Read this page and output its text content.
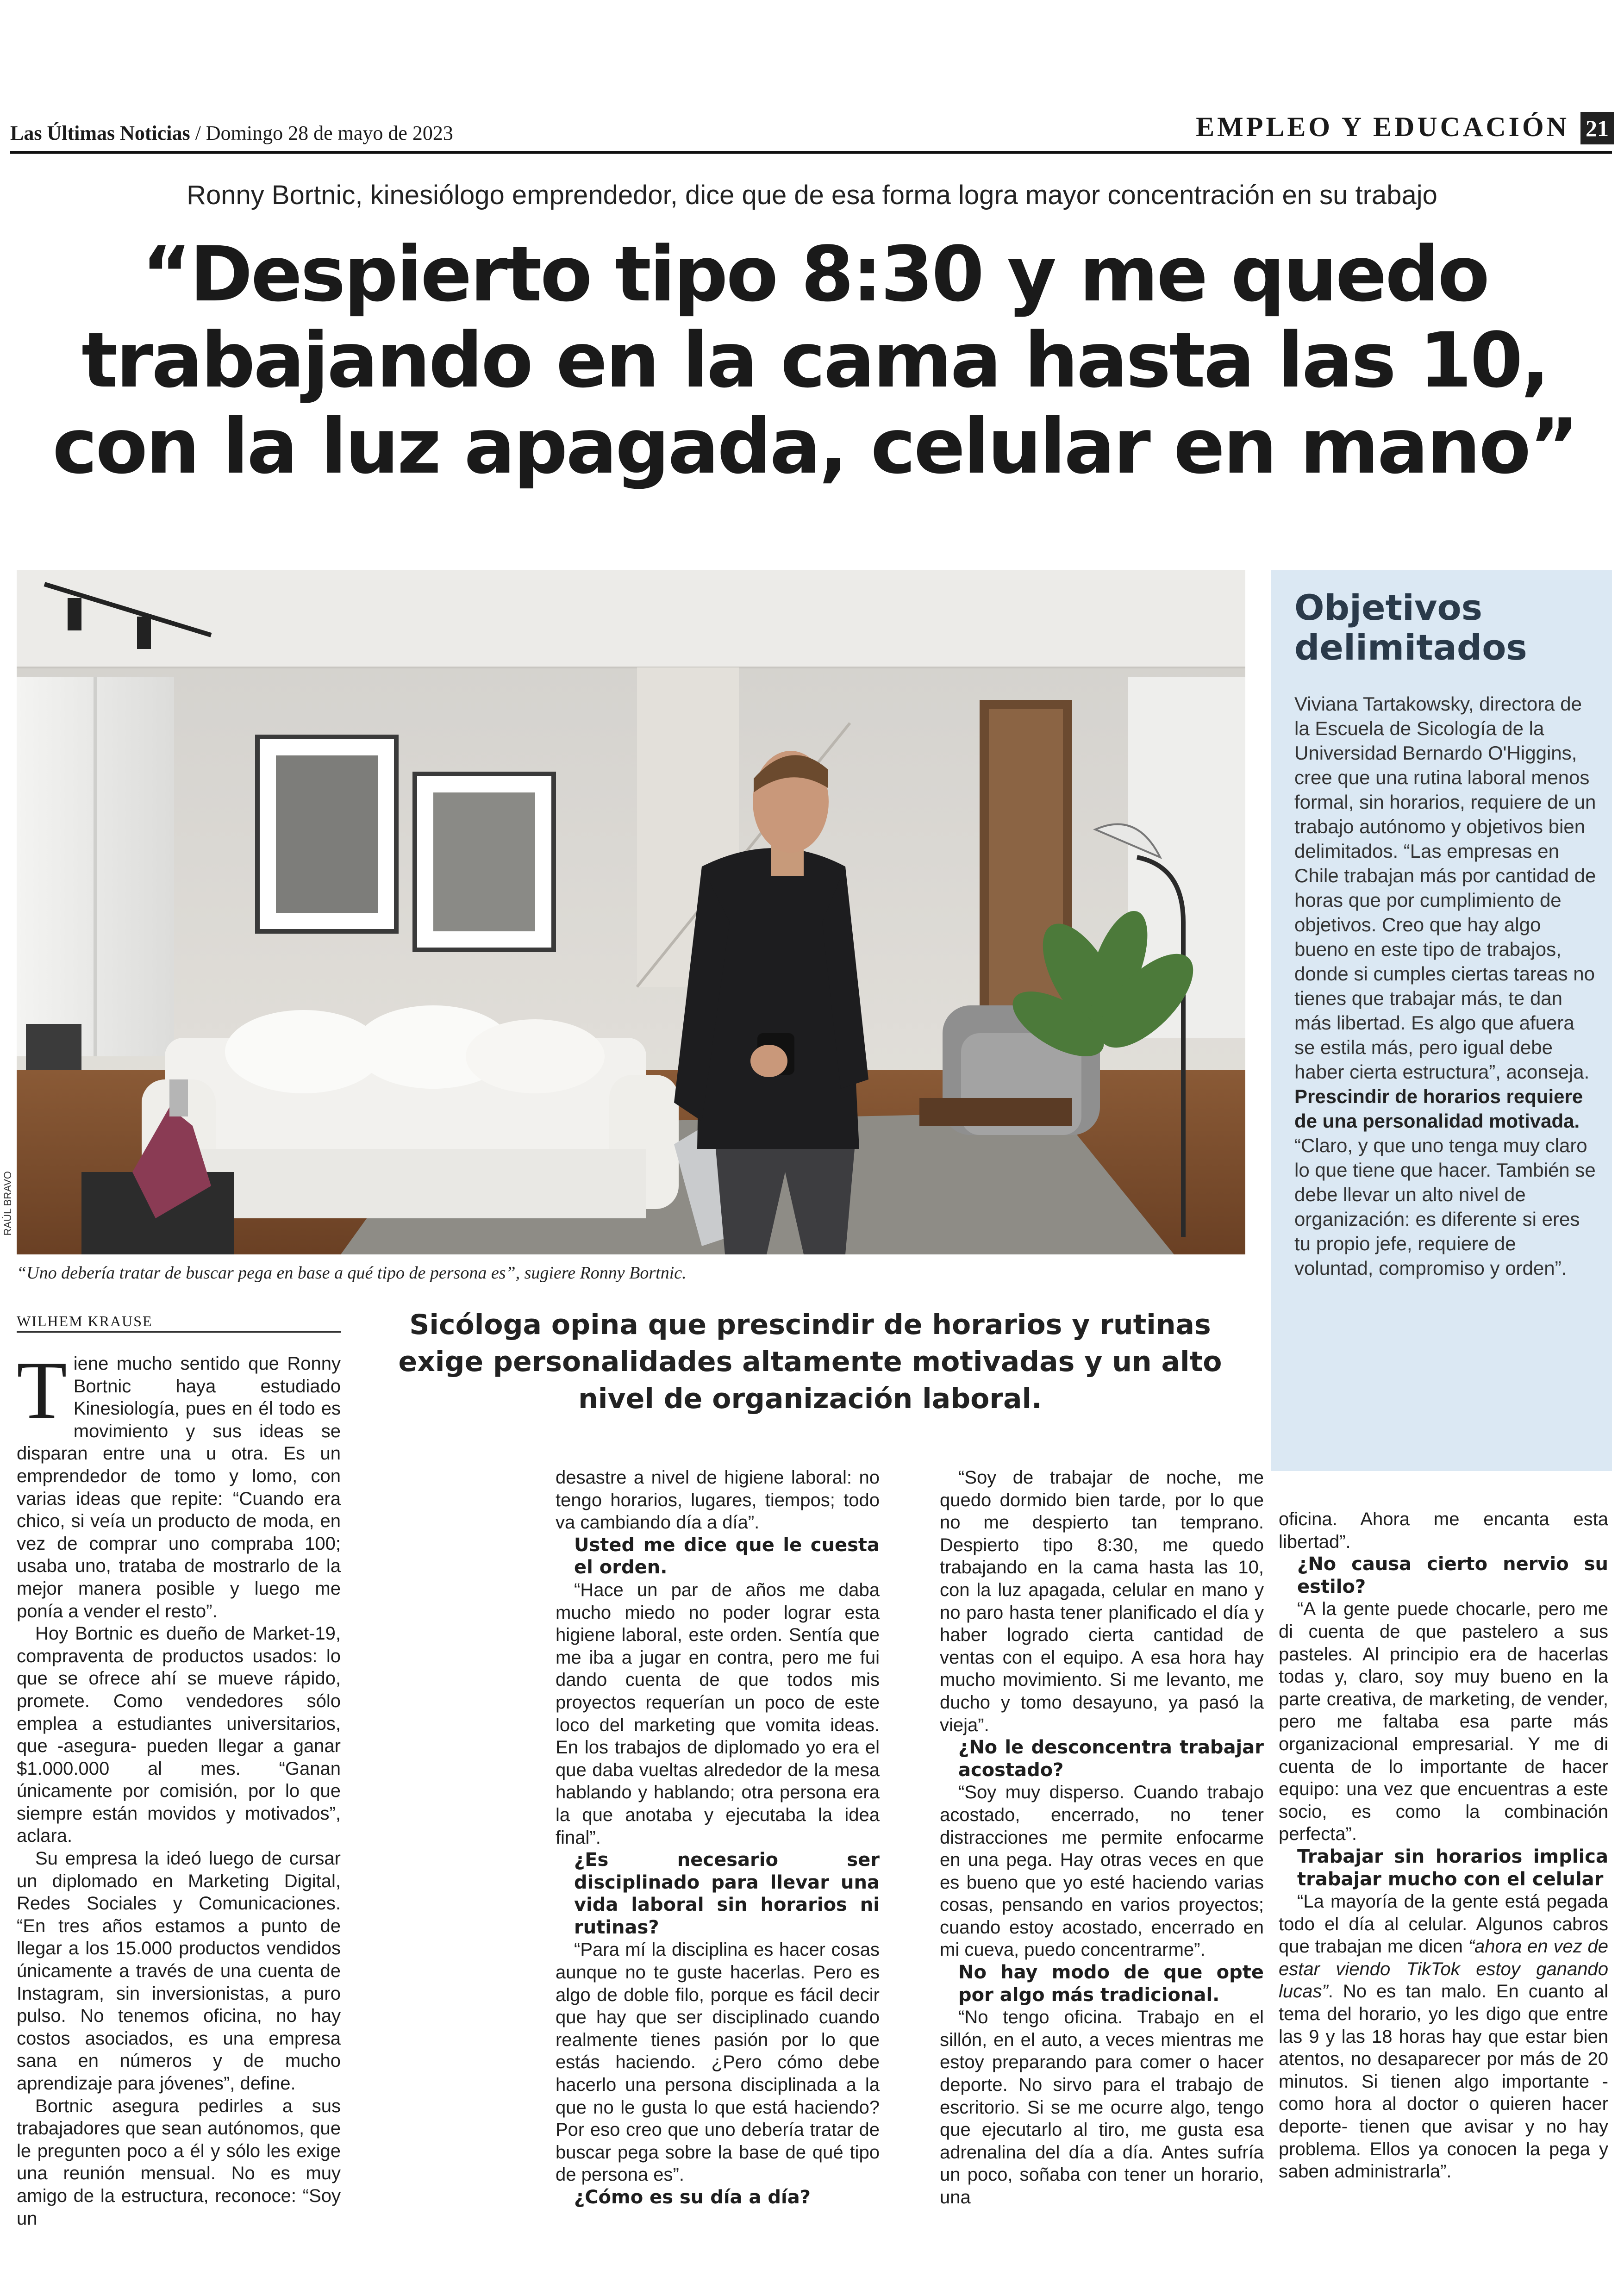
Las Últimas Noticias / Domingo 28 de mayo de 2023	EMPLEO Y EDUCACIÓN 21
Ronny Bortnic, kinesiólogo emprendedor, dice que de esa forma logra mayor concentración en su trabajo
“Despierto tipo 8:30 y me quedo trabajando en la cama hasta las 10, con la luz apagada, celular en mano”
RAÚL BRAVO
“Uno debería tratar de buscar pega en base a qué tipo de persona es”, sugiere Ronny Bortnic.
Objetivos delimitados

Viviana Tartakowsky, directora de la Escuela de Sicología de la Universidad Bernardo O'Higgins, cree que una rutina laboral menos formal, sin horarios, requiere de un trabajo autónomo y objetivos bien delimitados. “Las empresas en Chile trabajan más por cantidad de horas que por cumplimiento de objetivos. Creo que hay algo bueno en este tipo de trabajos, donde si cumples ciertas tareas no tienes que trabajar más, te dan más libertad. Es algo que afuera se estila más, pero igual debe haber cierta estructura”, aconseja.

Prescindir de horarios requiere de una personalidad motivada.

“Claro, y que uno tenga muy claro lo que tiene que hacer. También se debe llevar un alto nivel de organización: es diferente si eres tu propio jefe, requiere de voluntad, compromiso y orden”.

WILHEM KRAUSE	Sicóloga opina que prescindir de horarios y rutinas exige personalidades altamente motivadas y un alto nivel de organización laboral.

Tiene mucho sentido que Ronny Bortnic haya estudiado Kinesiología, pues en él todo es movimiento y sus ideas se disparan entre una u otra. Es un emprendedor de tomo y lomo, con varias ideas que repite: “Cuando era chico, si veía un producto de moda, en vez de comprar uno compraba 100; usaba uno, trataba de mostrarlo de la mejor manera posible y luego me ponía a vender el resto”.

Hoy Bortnic es dueño de Market-19, compraventa de productos usados: lo que se ofrece ahí se mueve rápido, promete. Como vendedores sólo emplea a estudiantes universitarios, que -asegura- pueden llegar a ganar $1.000.000 al mes. “Ganan únicamente por comisión, por lo que siempre están movidos y motivados”, aclara.

Su empresa la ideó luego de cursar un diplomado en Marketing Digital, Redes Sociales y Comunicaciones. “En tres años estamos a punto de llegar a los 15.000 productos vendidos únicamente a través de una cuenta de Instagram, sin inversionistas, a puro pulso. No tenemos oficina, no hay costos asociados, es una empresa sana en números y de mucho aprendizaje para jóvenes”, define.

Bortnic asegura pedirles a sus trabajadores que sean autónomos, que le pregunten poco a él y sólo les exige una reunión mensual. No es muy amigo de la estructura, reconoce: “Soy un

desastre a nivel de higiene laboral: no tengo horarios, lugares, tiempos; todo va cambiando día a día”.

Usted me dice que le cuesta el orden.

“Hace un par de años me daba mucho miedo no poder lograr esta higiene laboral, este orden. Sentía que me iba a jugar en contra, pero me fui dando cuenta de que todos mis proyectos requerían un poco de este loco del marketing que vomita ideas. En los trabajos de diplomado yo era el que daba vueltas alrededor de la mesa hablando y hablando; otra persona era la que anotaba y ejecutaba la idea final”.

¿Es necesario ser disciplinado para llevar una vida laboral sin horarios ni rutinas?

“Para mí la disciplina es hacer cosas aunque no te guste hacerlas. Pero es algo de doble filo, porque es fácil decir que hay que ser disciplinado cuando realmente tienes pasión por lo que estás haciendo. ¿Pero cómo debe hacerlo una persona disciplinada a la que no le gusta lo que está haciendo? Por eso creo que uno debería tratar de buscar pega sobre la base de qué tipo de persona es”.

¿Cómo es su día a día?

“Soy de trabajar de noche, me quedo dormido bien tarde, por lo que no me despierto tan temprano. Despierto tipo 8:30, me quedo trabajando en la cama hasta las 10, con la luz apagada, celular en mano y no paro hasta tener planificado el día y haber logrado cierta cantidad de ventas con el equipo. A esa hora hay mucho movimiento. Si me levanto, me ducho y tomo desayuno, ya pasó la vieja”.

¿No le desconcentra trabajar acostado?

“Soy muy disperso. Cuando trabajo acostado, encerrado, no tener distracciones me permite enfocarme en una pega. Hay otras veces en que es bueno que yo esté haciendo varias cosas, pensando en varios proyectos; cuando estoy acostado, encerrado en mi cueva, puedo concentrarme”.

No hay modo de que opte por algo más tradicional.

“No tengo oficina. Trabajo en el sillón, en el auto, a veces mientras me estoy preparando para comer o hacer deporte. No sirvo para el trabajo de escritorio. Si se me ocurre algo, tengo que ejecutarlo al tiro, me gusta esa adrenalina del día a día. Antes sufría un poco, soñaba con tener un horario, una

oficina. Ahora me encanta esta libertad”.

¿No causa cierto nervio su estilo?

“A la gente puede chocarle, pero me di cuenta de que pastelero a sus pasteles. Al principio era de hacerlas todas y, claro, soy muy bueno en la parte creativa, de marketing, de vender, pero me faltaba esa parte más organizacional empresarial. Y me di cuenta de lo importante de hacer equipo: una vez que encuentras a este socio, es como la combinación perfecta”.

Trabajar sin horarios implica trabajar mucho con el celular

“La mayoría de la gente está pegada todo el día al celular. Algunos cabros que trabajan me dicen “ahora en vez de estar viendo TikTok estoy ganando lucas”. No es tan malo. En cuanto al tema del horario, yo les digo que entre las 9 y las 18 horas hay que estar bien atentos, no desaparecer por más de 20 minutos. Si tienen algo importante -como hora al doctor o quieren hacer deporte- tienen que avisar y no hay problema. Ellos ya conocen la pega y saben administrarla”.
